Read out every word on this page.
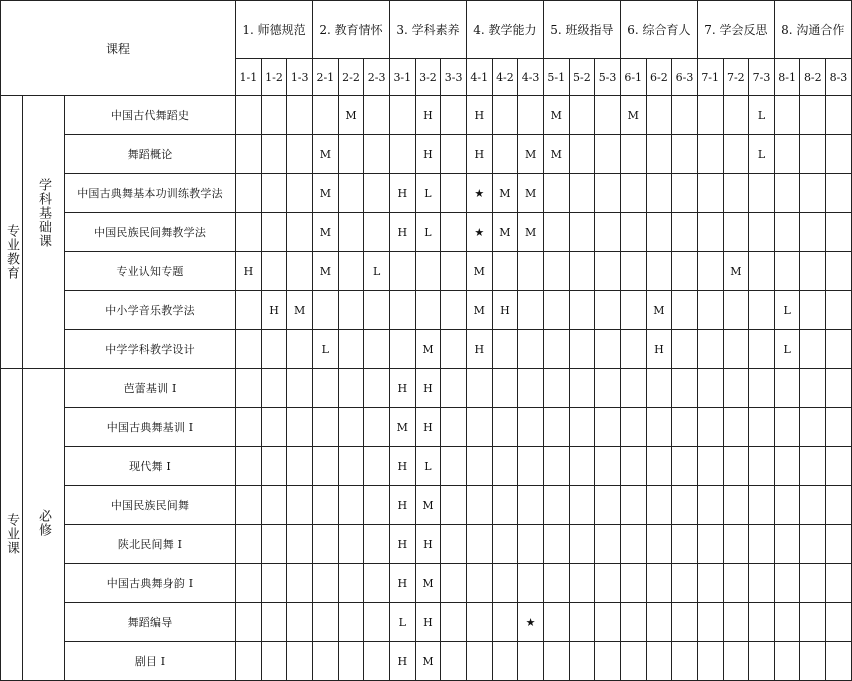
课程			1. 师德规范			2. 教育情怀			3. 学科素养			4. 教学能力			5. 班级指导			6. 综合育人			7. 学会反思			8. 沟通合作		
			1-1	1-2	1-3	2-1	2-2	2-3	3-1	3-2	3-3	4-1	4-2	4-3	5-1	5-2	5-3	6-1	6-2	6-3	7-1	7-2	7-3	8-1	8-2	8-3
专业教育	学科基础课	中国古代舞蹈史					M			H		H			M			M					L			
		舞蹈概论				M				H		H		M	M								L			
		中国古典舞基本功训练教学法				M			H	L		★	M	M												
		中国民族民间舞教学法				M			H	L		★	M	M												
		专业认知专题	H			M		L				M										M				
		中小学音乐教学法		H	M							M	H						M					L		
		中学学科教学设计				L				M		H							H					L		
专业课	必修	芭蕾基训 I							H	H																
		中国古典舞基训 I							M	H																
		现代舞 I							H	L																
		中国民族民间舞							H	M																
		陕北民间舞 I							H	H																
		中国古典舞身韵 I							H	M																
		舞蹈编导							L	H				★												
		剧目 I							H	M																
